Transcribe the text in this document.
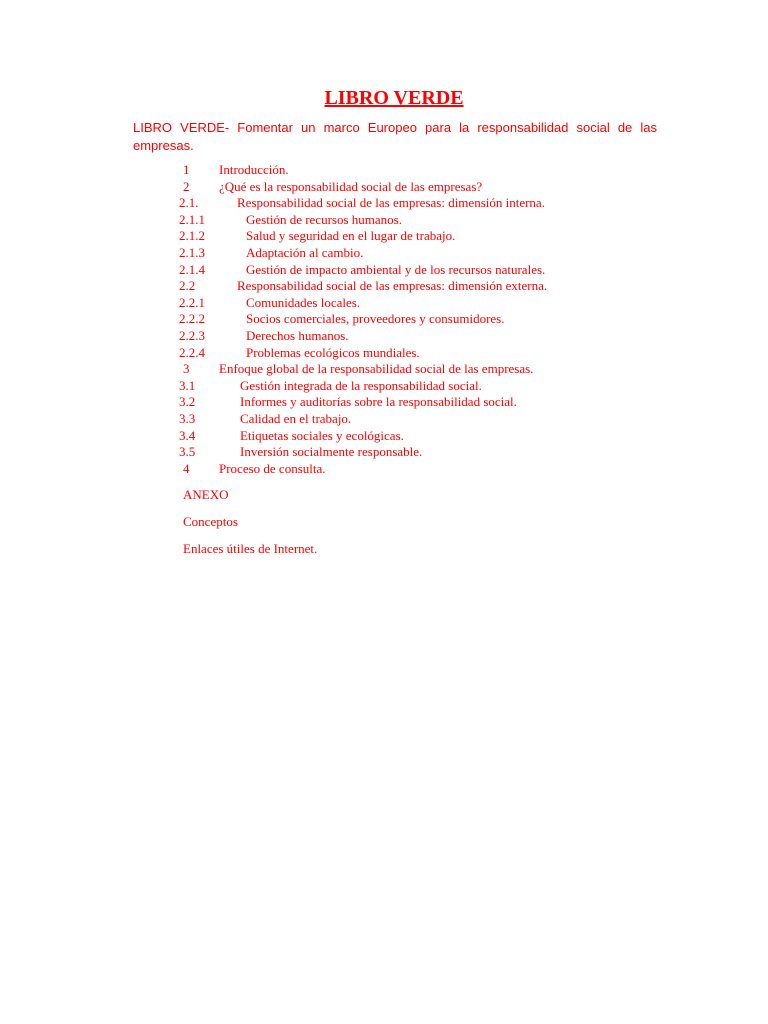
LIBRO VERDE
LIBRO VERDE- Fomentar un marco Europeo para la responsabilidad social de las empresas.
1 Introducción.
2 ¿Qué es la responsabilidad social de las empresas?
2.1.	Responsabilidad social de las empresas: dimensión interna.
2.1.1	Gestión de recursos humanos.
2.1.2	Salud y seguridad en el lugar de trabajo.
2.1.3	Adaptación al cambio.
2.1.4	Gestión de impacto ambiental y de los recursos naturales.
2.2	Responsabilidad social de las empresas: dimensión externa.
2.2.1	Comunidades locales.
2.2.2	Socios comerciales, proveedores y consumidores.
2.2.3	Derechos humanos.
2.2.4	Problemas ecológicos mundiales.
3 Enfoque global de la responsabilidad social de las empresas.
3.1	Gestión integrada de la responsabilidad social.
3.2	Informes y auditorías sobre la responsabilidad social.
3.3	Calidad en el trabajo.
3.4	Etiquetas sociales y ecológicas.
3.5	Inversión socialmente responsable.
4 Proceso de consulta.
ANEXO
Conceptos
Enlaces útiles de Internet.
